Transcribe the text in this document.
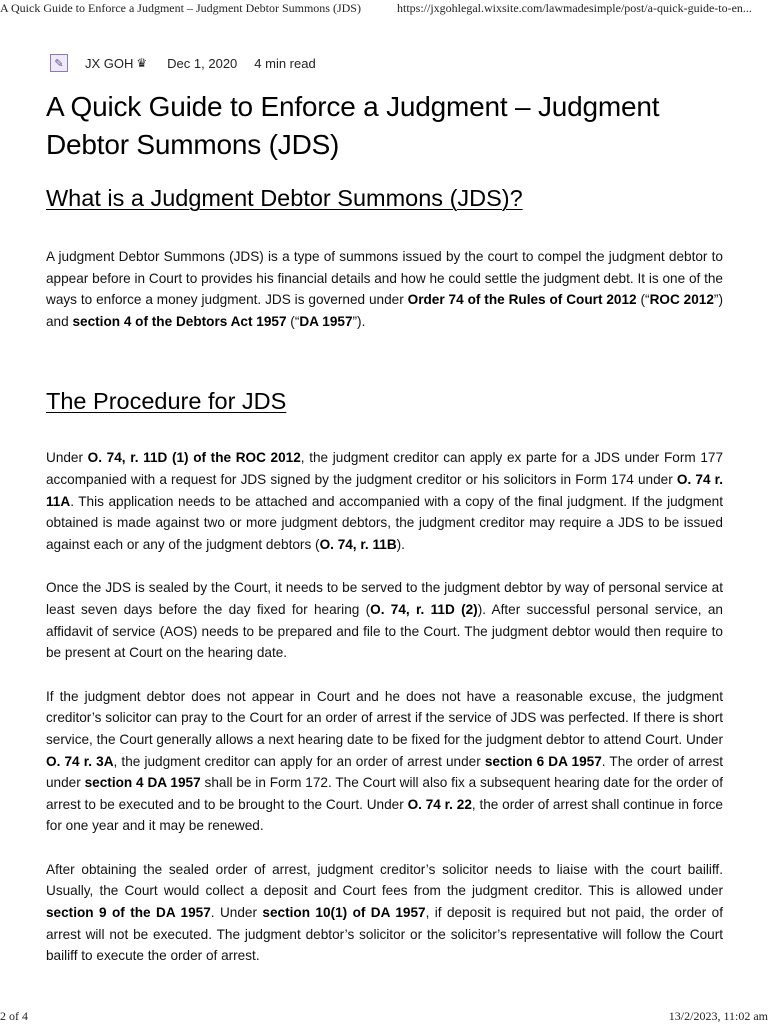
A Quick Guide to Enforce a Judgment – Judgment Debtor Summons (JDS)	https://jxgohlegal.wixsite.com/lawmadesimple/post/a-quick-guide-to-en...
✎	JX GOH ♛ Dec 1, 2020 4 min read
A Quick Guide to Enforce a Judgment – Judgment Debtor Summons (JDS)
What is a Judgment Debtor Summons (JDS)?

A judgment Debtor Summons (JDS) is a type of summons issued by the court to compel the judgment debtor to appear before in Court to provides his financial details and how he could settle the judgment debt. It is one of the ways to enforce a money judgment. JDS is governed under Order 74 of the Rules of Court 2012 (“ROC 2012”) and section 4 of the Debtors Act 1957 (“DA 1957”).

The Procedure for JDS

Under O. 74, r. 11D (1) of the ROC 2012, the judgment creditor can apply ex parte for a JDS under Form 177 accompanied with a request for JDS signed by the judgment creditor or his solicitors in Form 174 under O. 74 r. 11A. This application needs to be attached and accompanied with a copy of the final judgment. If the judgment obtained is made against two or more judgment debtors, the judgment creditor may require a JDS to be issued against each or any of the judgment debtors (O. 74, r. 11B).

Once the JDS is sealed by the Court, it needs to be served to the judgment debtor by way of personal service at least seven days before the day fixed for hearing (O. 74, r. 11D (2)). After successful personal service, an affidavit of service (AOS) needs to be prepared and file to the Court. The judgment debtor would then require to be present at Court on the hearing date.

If the judgment debtor does not appear in Court and he does not have a reasonable excuse, the judgment creditor’s solicitor can pray to the Court for an order of arrest if the service of JDS was perfected. If there is short service, the Court generally allows a next hearing date to be fixed for the judgment debtor to attend Court. Under O. 74 r. 3A, the judgment creditor can apply for an order of arrest under section 6 DA 1957. The order of arrest under section 4 DA 1957 shall be in Form 172. The Court will also fix a subsequent hearing date for the order of arrest to be executed and to be brought to the Court. Under O. 74 r. 22, the order of arrest shall continue in force for one year and it may be renewed.

After obtaining the sealed order of arrest, judgment creditor’s solicitor needs to liaise with the court bailiff. Usually, the Court would collect a deposit and Court fees from the judgment creditor. This is allowed under section 9 of the DA 1957. Under section 10(1) of DA 1957, if deposit is required but not paid, the order of arrest will not be executed. The judgment debtor’s solicitor or the solicitor’s representative will follow the Court bailiff to execute the order of arrest.

2 of 4	13/2/2023, 11:02 am
